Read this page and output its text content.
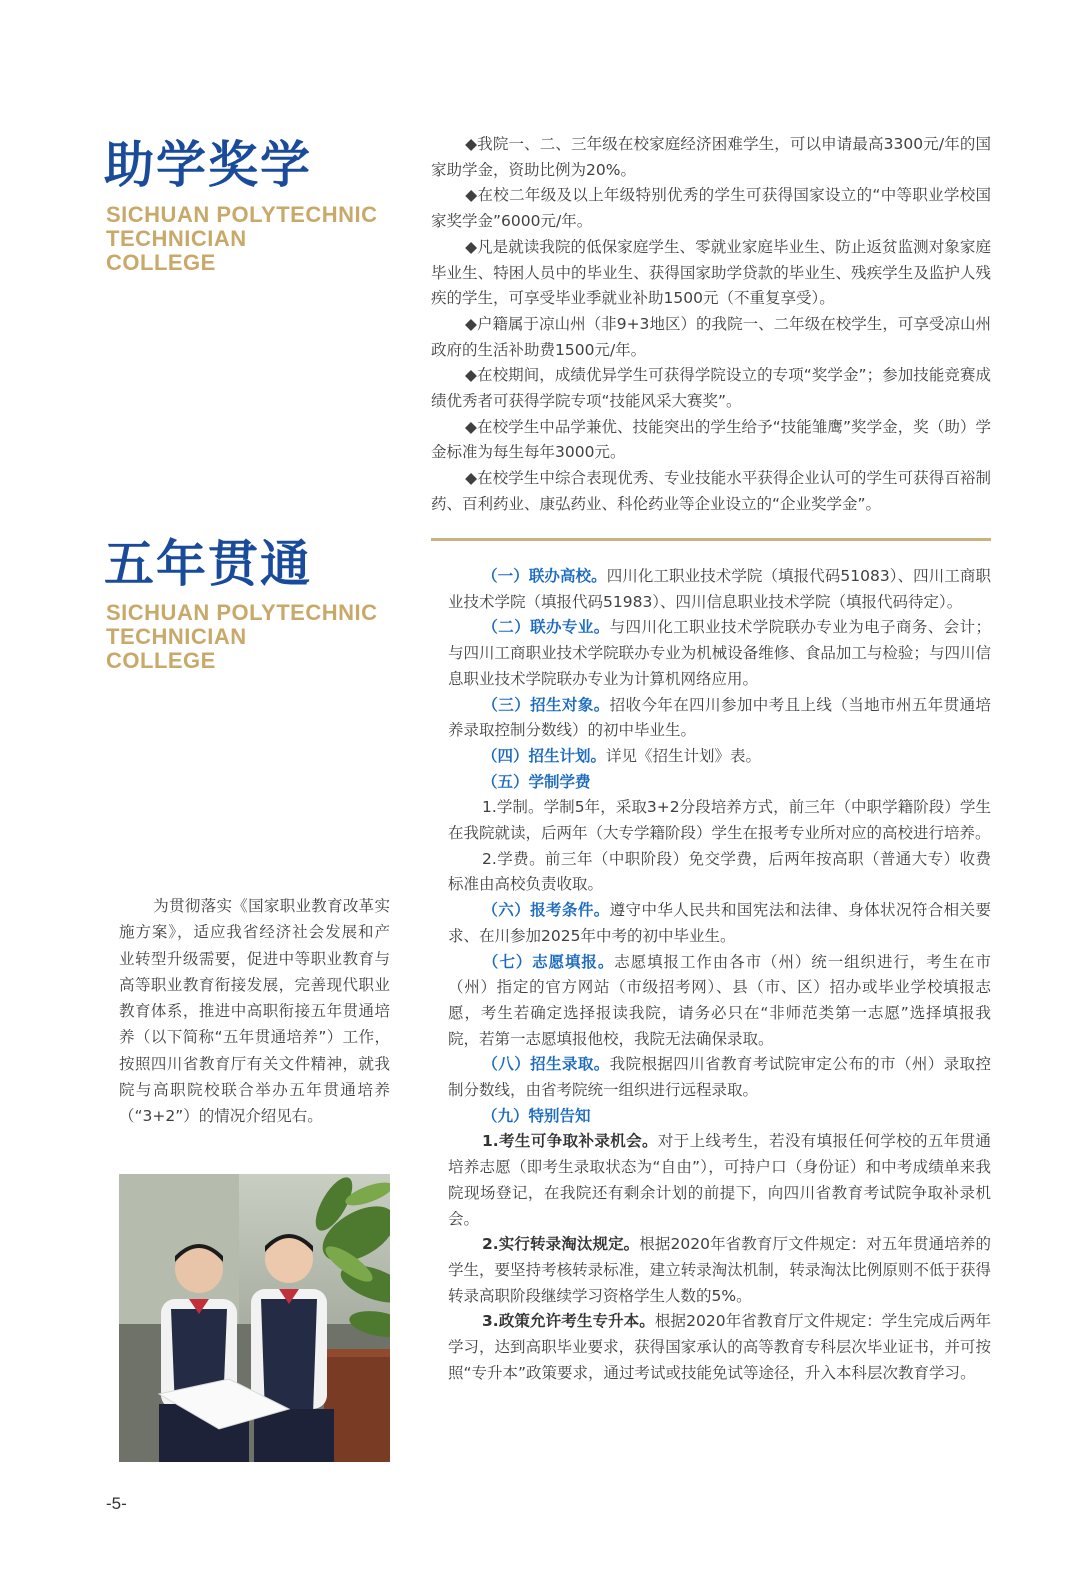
助学奖学
SICHUAN POLYTECHNIC
TECHNICIAN
COLLEGE

◆我院一、二、三年级在校家庭经济困难学生，可以申请最高3300元/年的国家助学金，资助比例为20%。

◆在校二年级及以上年级特别优秀的学生可获得国家设立的“中等职业学校国家奖学金”6000元/年。

◆凡是就读我院的低保家庭学生、零就业家庭毕业生、防止返贫监测对象家庭毕业生、特困人员中的毕业生、获得国家助学贷款的毕业生、残疾学生及监护人残疾的学生，可享受毕业季就业补助1500元（不重复享受）。

◆户籍属于凉山州（非9+3地区）的我院一、二年级在校学生，可享受凉山州政府的生活补助费1500元/年。

◆在校期间，成绩优异学生可获得学院设立的专项“奖学金”；参加技能竞赛成绩优秀者可获得学院专项“技能风采大赛奖”。

◆在校学生中品学兼优、技能突出的学生给予“技能雏鹰”奖学金，奖（助）学金标准为每生每年3000元。

◆在校学生中综合表现优秀、专业技能水平获得企业认可的学生可获得百裕制药、百利药业、康弘药业、科伦药业等企业设立的“企业奖学金”。

五年贯通
SICHUAN POLYTECHNIC
TECHNICIAN
COLLEGE

为贯彻落实《国家职业教育改革实施方案》，适应我省经济社会发展和产业转型升级需要，促进中等职业教育与高等职业教育衔接发展，完善现代职业教育体系，推进中高职衔接五年贯通培养（以下简称“五年贯通培养”）工作，按照四川省教育厅有关文件精神，就我院与高职院校联合举办五年贯通培养（“3+2”）的情况介绍见右。

（一）联办高校。四川化工职业技术学院（填报代码51083）、四川工商职业技术学院（填报代码51983）、四川信息职业技术学院（填报代码待定）。

（二）联办专业。与四川化工职业技术学院联办专业为电子商务、会计；与四川工商职业技术学院联办专业为机械设备维修、食品加工与检验；与四川信息职业技术学院联办专业为计算机网络应用。

（三）招生对象。招收今年在四川参加中考且上线（当地市州五年贯通培养录取控制分数线）的初中毕业生。

（四）招生计划。详见《招生计划》表。

（五）学制学费

1.学制。学制5年，采取3+2分段培养方式，前三年（中职学籍阶段）学生在我院就读，后两年（大专学籍阶段）学生在报考专业所对应的高校进行培养。

2.学费。前三年（中职阶段）免交学费，后两年按高职（普通大专）收费标准由高校负责收取。

（六）报考条件。遵守中华人民共和国宪法和法律、身体状况符合相关要求、在川参加2025年中考的初中毕业生。

（七）志愿填报。志愿填报工作由各市（州）统一组织进行，考生在市（州）指定的官方网站（市级招考网）、县（市、区）招办或毕业学校填报志愿，考生若确定选择报读我院，请务必只在“非师范类第一志愿”选择填报我院，若第一志愿填报他校，我院无法确保录取。

（八）招生录取。我院根据四川省教育考试院审定公布的市（州）录取控制分数线，由省考院统一组织进行远程录取。

（九）特别告知

1.考生可争取补录机会。对于上线考生，若没有填报任何学校的五年贯通培养志愿（即考生录取状态为“自由”），可持户口（身份证）和中考成绩单来我院现场登记，在我院还有剩余计划的前提下，向四川省教育考试院争取补录机会。

2.实行转录淘汰规定。根据2020年省教育厅文件规定：对五年贯通培养的学生，要坚持考核转录标准，建立转录淘汰机制，转录淘汰比例原则不低于获得转录高职阶段继续学习资格学生人数的5%。

3.政策允许考生专升本。根据2020年省教育厅文件规定：学生完成后两年学习，达到高职毕业要求，获得国家承认的高等教育专科层次毕业证书，并可按照“专升本”政策要求，通过考试或技能免试等途径，升入本科层次教育学习。

-5-
